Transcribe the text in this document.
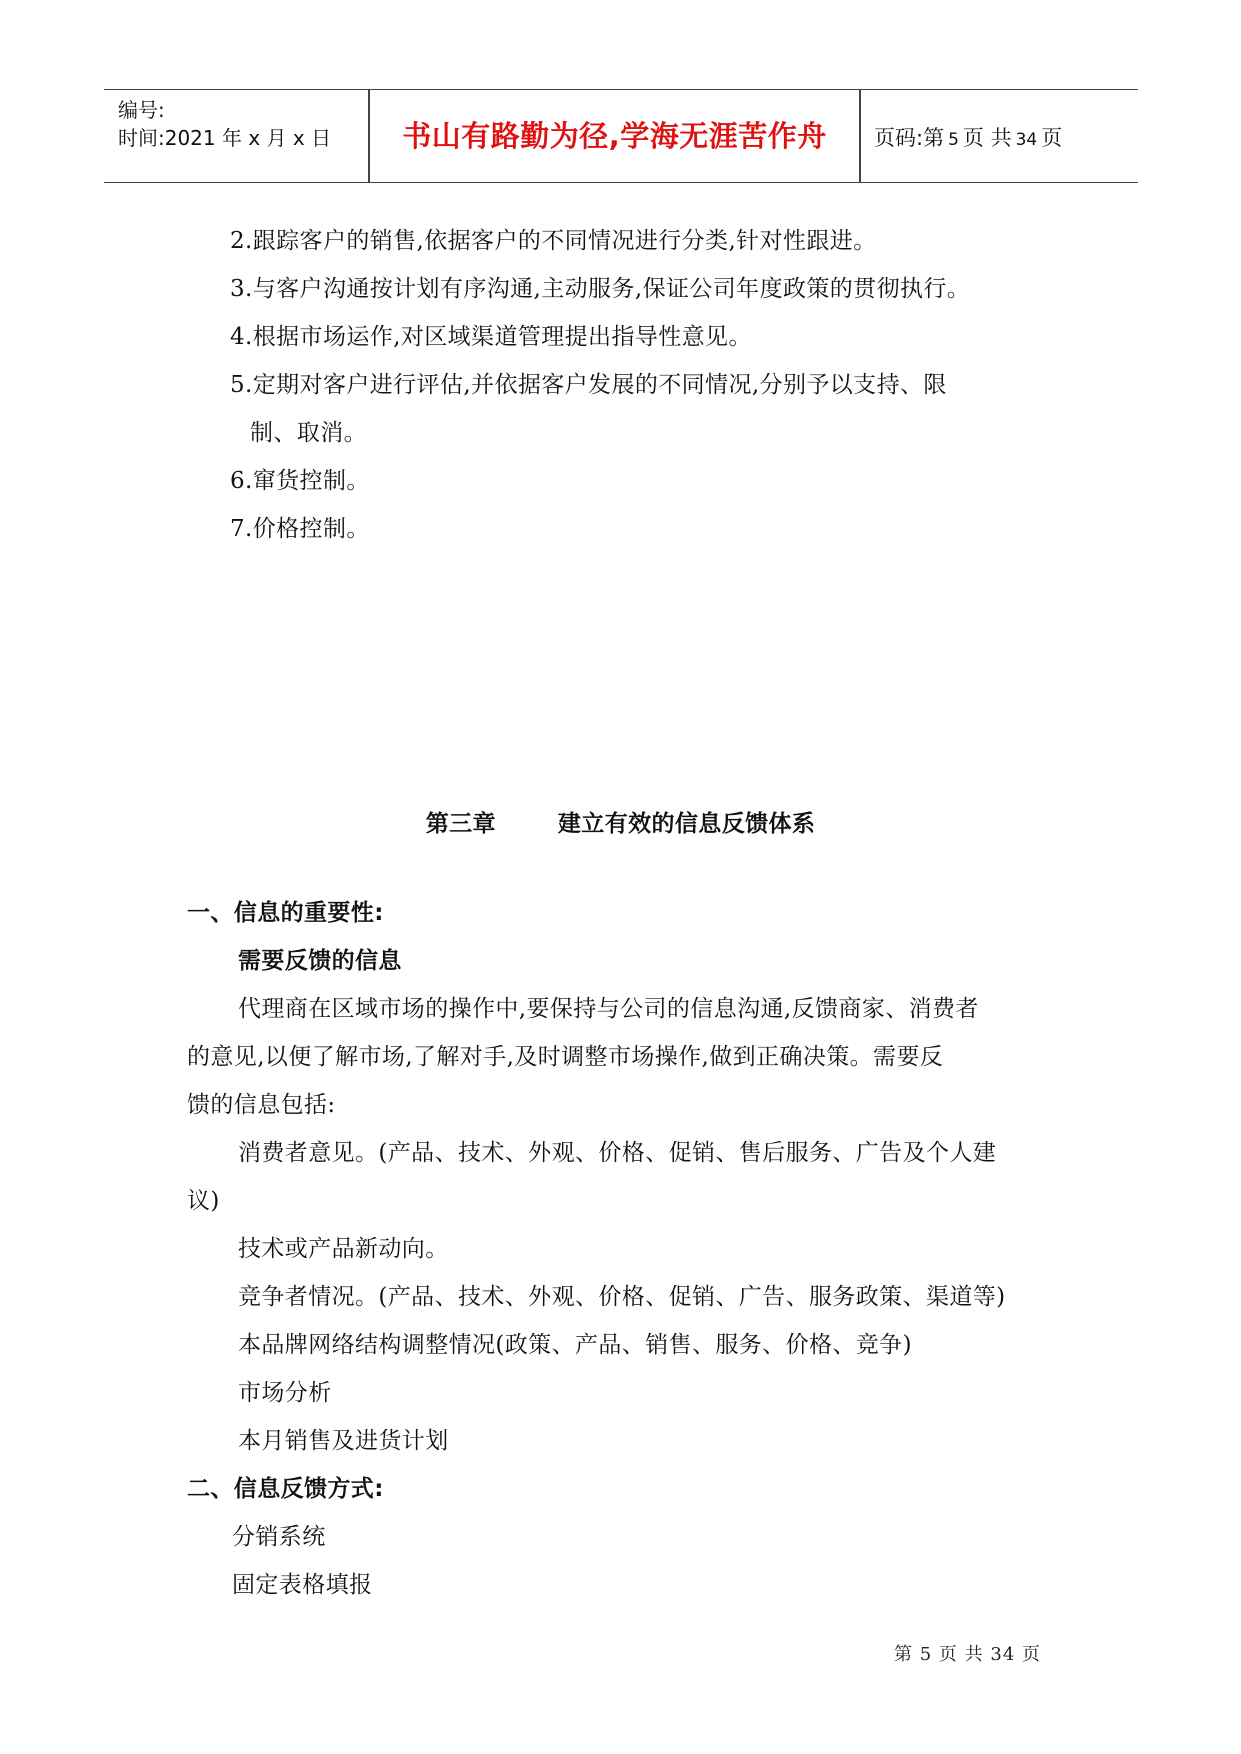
编号:
时间:2021 年 x 月 x 日	书山有路勤为径,学海无涯苦作舟	页码:第 5 页 共 34 页
2.跟踪客户的销售,依据客户的不同情况进行分类,针对性跟进。
3.与客户沟通按计划有序沟通,主动服务,保证公司年度政策的贯彻执行。
4.根据市场运作,对区域渠道管理提出指导性意见。
5.定期对客户进行评估,并依据客户发展的不同情况,分别予以支持、限
制、取消。
6.窜货控制。
7.价格控制。
第三章	建立有效的信息反馈体系
一、信息的重要性:
需要反馈的信息
代理商在区域市场的操作中,要保持与公司的信息沟通,反馈商家、消费者
的意见,以便了解市场,了解对手,及时调整市场操作,做到正确决策。需要反
馈的信息包括:
消费者意见。(产品、技术、外观、价格、促销、售后服务、广告及个人建
议)
技术或产品新动向。
竞争者情况。(产品、技术、外观、价格、促销、广告、服务政策、渠道等)
本品牌网络结构调整情况(政策、产品、销售、服务、价格、竞争)
市场分析
本月销售及进货计划
二、信息反馈方式:
分销系统
固定表格填报
第 5 页 共 34 页
